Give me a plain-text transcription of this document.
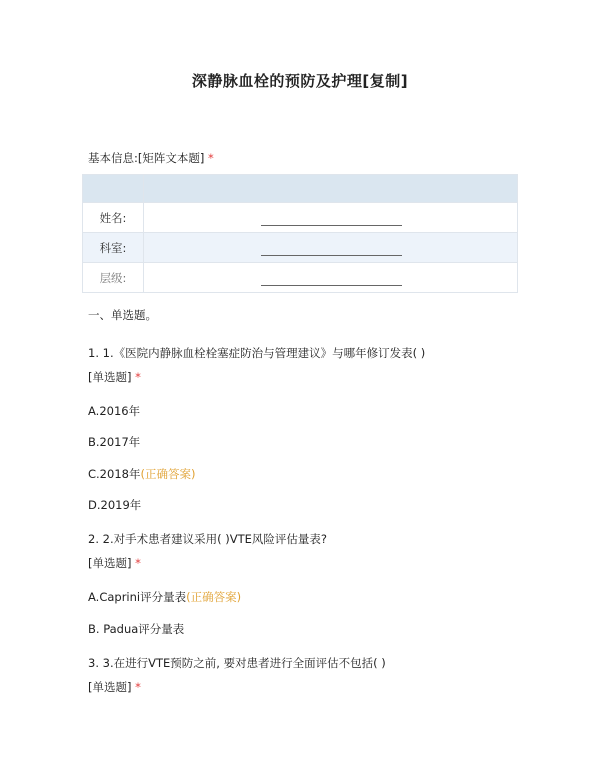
深静脉血栓的预防及护理[复制]
基本信息:[矩阵文本题] *

姓名:	

科室:	

层级:	
一、单选题。
1. 1.《医院内静脉血栓栓塞症防治与管理建议》与哪年修订发表( )
[单选题] *
A.2016年
B.2017年
C.2018年(正确答案)
D.2019年
2. 2.对手术患者建议采用( )VTE风险评估量表?
[单选题] *
A.Caprini评分量表(正确答案)
B. Padua评分量表
3. 3.在进行VTE预防之前, 要对患者进行全面评估不包括( )
[单选题] *
